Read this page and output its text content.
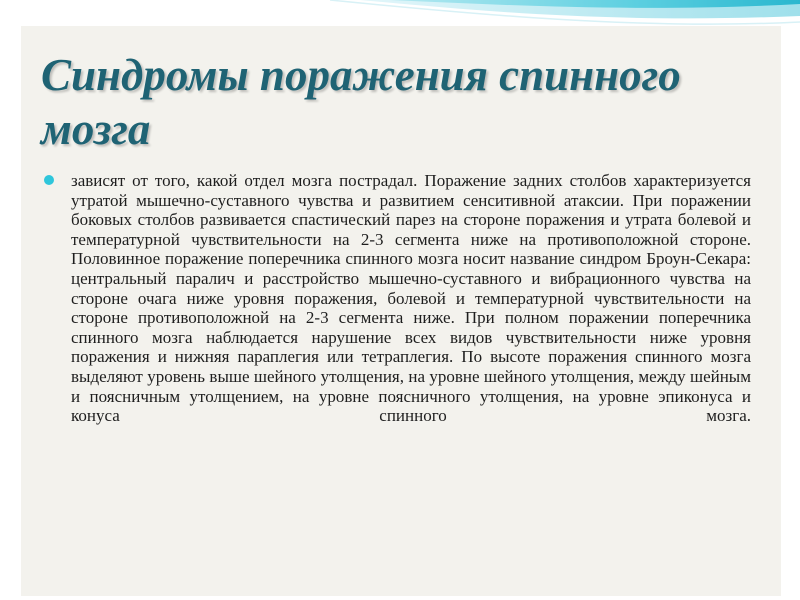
Синдромы поражения спинного мозга

зависят от того, какой отдел мозга пострадал. Поражение задних столбов характеризуется утратой мышечно-суставного чувства и развитием сенситивной атаксии. При поражении боковых столбов развивается спастический парез на стороне поражения и утрата болевой и температурной чувствительности на 2-3 сегмента ниже на противоположной стороне. Половинное поражение поперечника спинного мозга носит название синдром Броун-Секара: центральный паралич и расстройство мышечно-суставного и вибрационного чувства на стороне очага ниже уровня поражения, болевой и температурной чувствительности на стороне противоположной на 2-3 сегмента ниже. При полном поражении поперечника спинного мозга наблюдается нарушение всех видов чувствительности ниже уровня поражения и нижняя параплегия или тетраплегия. По высоте поражения спинного мозга выделяют уровень выше шейного утолщения, на уровне шейного утолщения, между шейным и поясничным утолщением, на уровне поясничного утолщения, на уровне эпиконуса и конуса спинного мозга.
